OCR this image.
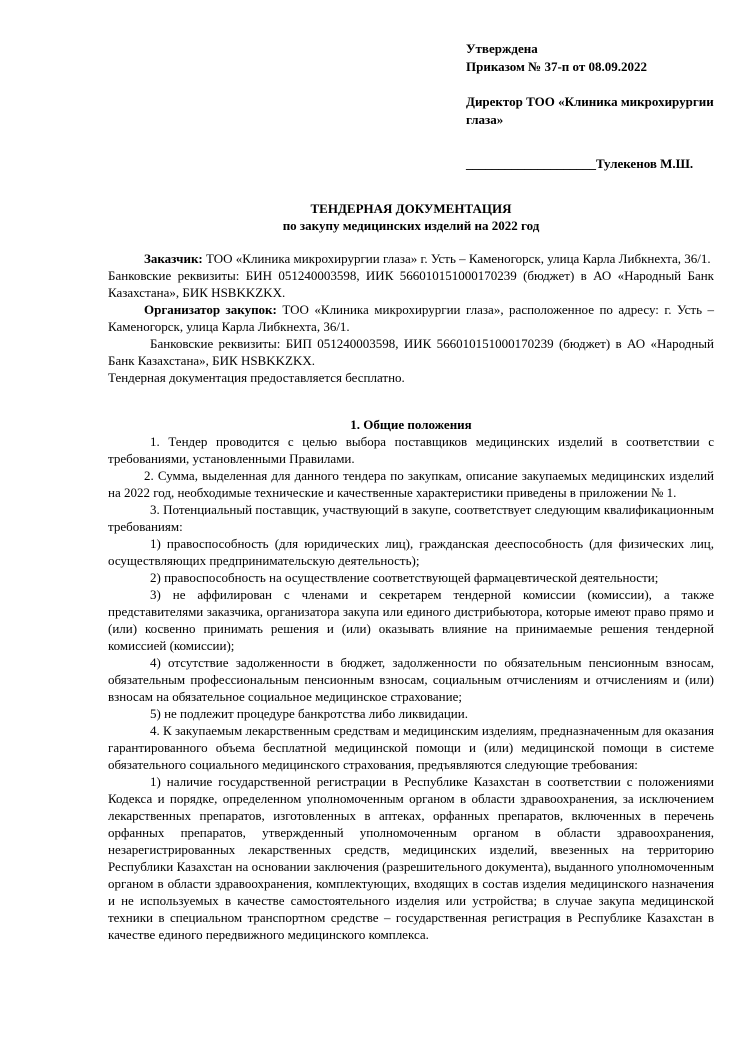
Утверждена
Приказом № 37-п от 08.09.2022
Директор ТОО «Клиника микрохирургии глаза»
____________________Тулекенов М.Ш.
ТЕНДЕРНАЯ ДОКУМЕНТАЦИЯ
по закупу медицинских изделий на 2022 год

Заказчик: ТОО «Клиника микрохирургии глаза» г. Усть – Каменогорск, улица Карла Либкнехта, 36/1.

Банковские реквизиты: БИН 051240003598, ИИК 566010151000170239 (бюджет) в АО «Народный Банк Казахстана», БИК HSBKKZKX.

Организатор закупок: ТОО «Клиника микрохирургии глаза», расположенное по адресу: г. Усть – Каменогорск, улица Карла Либкнехта, 36/1.

Банковские реквизиты: БИП 051240003598, ИИК 566010151000170239 (бюджет) в АО «Народный Банк Казахстана», БИК HSBKKZKX.

Тендерная документация предоставляется бесплатно.

1. Общие положения

1. Тендер проводится с целью выбора поставщиков медицинских изделий в соответствии с требованиями, установленными Правилами.

2. Сумма, выделенная для данного тендера по закупкам, описание закупаемых медицинских изделий на 2022 год, необходимые технические и качественные характеристики приведены в приложении № 1.

3. Потенциальный поставщик, участвующий в закупе, соответствует следующим квалификационным требованиям:

1) правоспособность (для юридических лиц), гражданская дееспособность (для физических лиц, осуществляющих предпринимательскую деятельность);

2) правоспособность на осуществление соответствующей фармацевтической деятельности;

3) не аффилирован с членами и секретарем тендерной комиссии (комиссии), а также представителями заказчика, организатора закупа или единого дистрибьютора, которые имеют право прямо и (или) косвенно принимать решения и (или) оказывать влияние на принимаемые решения тендерной комиссией (комиссии);

4) отсутствие задолженности в бюджет, задолженности по обязательным пенсионным взносам, обязательным профессиональным пенсионным взносам, социальным отчислениям и отчислениям и (или) взносам на обязательное социальное медицинское страхование;

5) не подлежит процедуре банкротства либо ликвидации.

4. К закупаемым лекарственным средствам и медицинским изделиям, предназначенным для оказания гарантированного объема бесплатной медицинской помощи и (или) медицинской помощи в системе обязательного социального медицинского страхования, предъявляются следующие требования:

1) наличие государственной регистрации в Республике Казахстан в соответствии с положениями Кодекса и порядке, определенном уполномоченным органом в области здравоохранения, за исключением лекарственных препаратов, изготовленных в аптеках, орфанных препаратов, включенных в перечень орфанных препаратов, утвержденный уполномоченным органом в области здравоохранения, незарегистрированных лекарственных средств, медицинских изделий, ввезенных на территорию Республики Казахстан на основании заключения (разрешительного документа), выданного уполномоченным органом в области здравоохранения, комплектующих, входящих в состав изделия медицинского назначения и не используемых в качестве самостоятельного изделия или устройства; в случае закупа медицинской техники в специальном транспортном средстве – государственная регистрация в Республике Казахстан в качестве единого передвижного медицинского комплекса.
